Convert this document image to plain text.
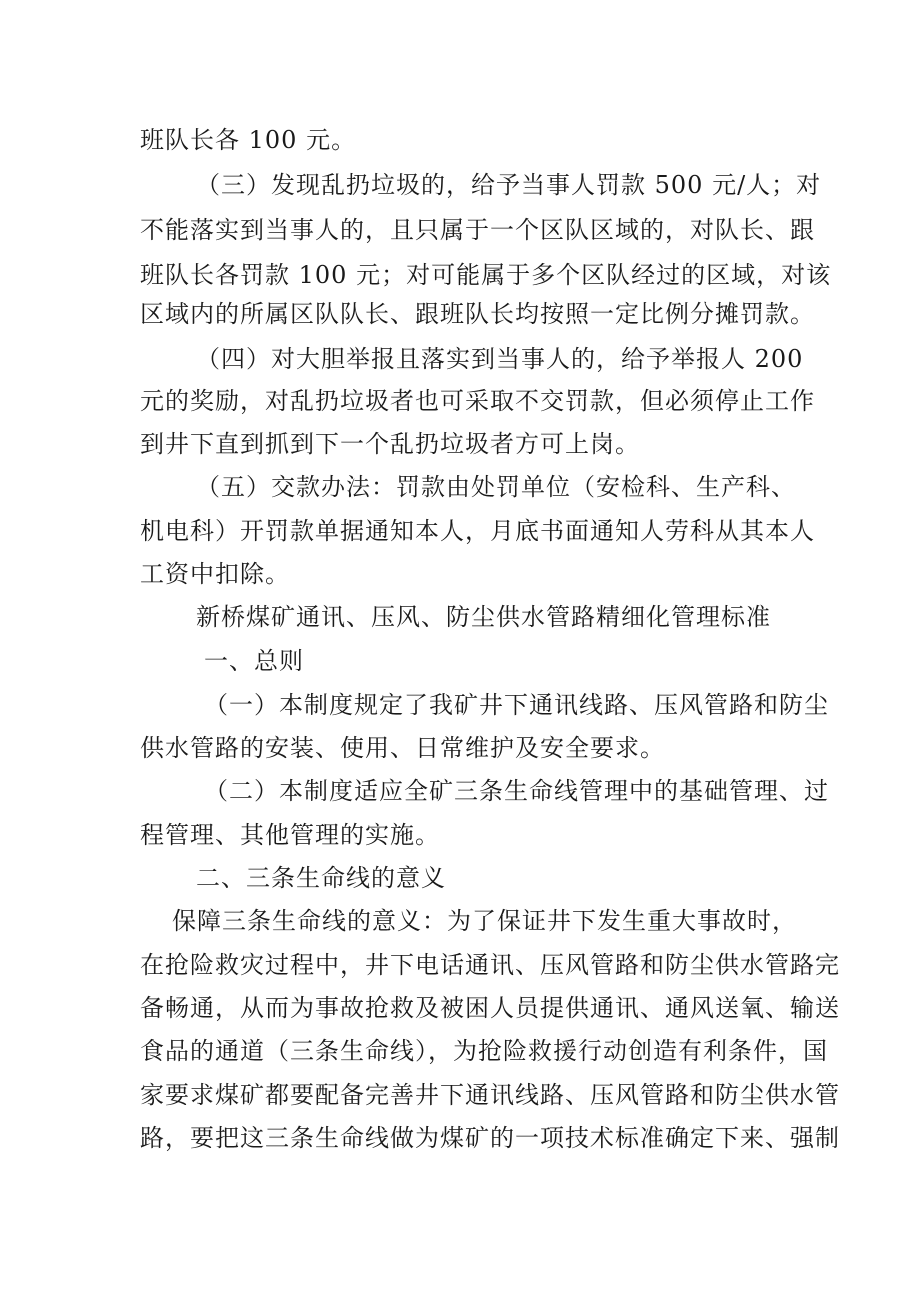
班队长各 100 元。
（三）发现乱扔垃圾的，给予当事人罚款 500 元/人；对
不能落实到当事人的，且只属于一个区队区域的，对队长、跟
班队长各罚款 100 元；对可能属于多个区队经过的区域，对该
区域内的所属区队队长、跟班队长均按照一定比例分摊罚款。
（四）对大胆举报且落实到当事人的，给予举报人 200
元的奖励，对乱扔垃圾者也可采取不交罚款，但必须停止工作
到井下直到抓到下一个乱扔垃圾者方可上岗。
（五）交款办法：罚款由处罚单位（安检科、生产科、
机电科）开罚款单据通知本人，月底书面通知人劳科从其本人
工资中扣除。
新桥煤矿通讯、压风、防尘供水管路精细化管理标准
一、总则
（一）本制度规定了我矿井下通讯线路、压风管路和防尘
供水管路的安装、使用、日常维护及安全要求。
（二）本制度适应全矿三条生命线管理中的基础管理、过
程管理、其他管理的实施。
二、三条生命线的意义
保障三条生命线的意义：为了保证井下发生重大事故时，
在抢险救灾过程中，井下电话通讯、压风管路和防尘供水管路完
备畅通，从而为事故抢救及被困人员提供通讯、通风送氧、输送
食品的通道（三条生命线），为抢险救援行动创造有利条件，国
家要求煤矿都要配备完善井下通讯线路、压风管路和防尘供水管
路，要把这三条生命线做为煤矿的一项技术标准确定下来、强制
